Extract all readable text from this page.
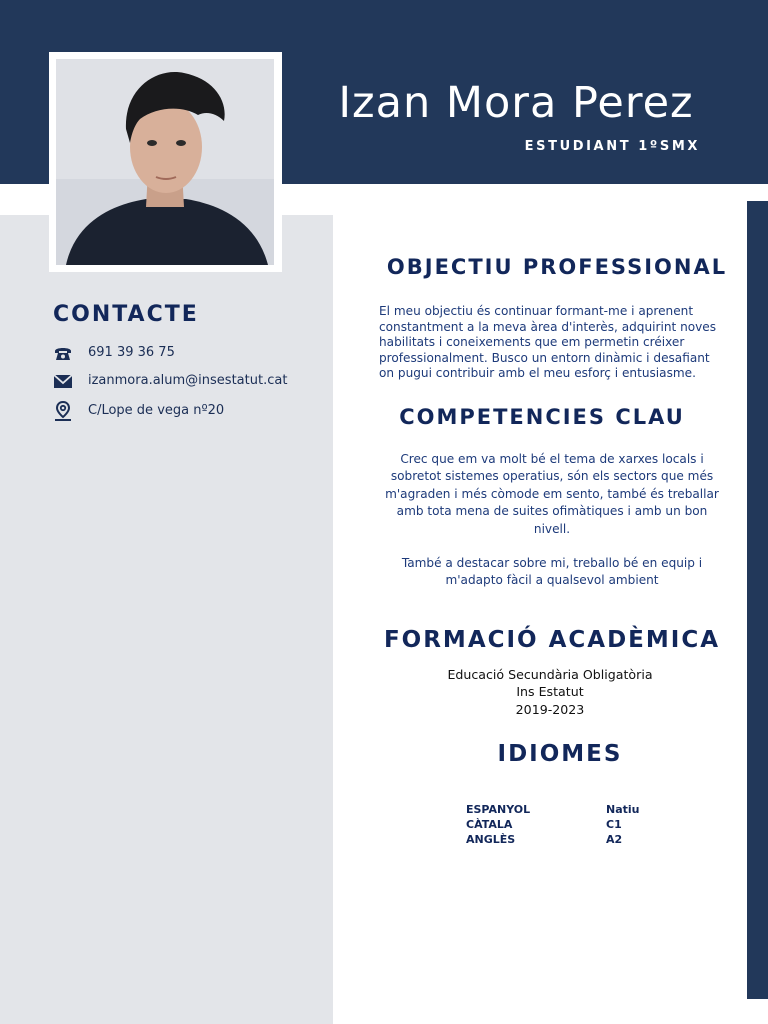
Izan Mora Perez
ESTUDIANT 1ºSMX
CONTACTE
691 39 36 75
izanmora.alum@insestatut.cat
C/Lope de vega nº20
OBJECTIU PROFESSIONAL
El meu objectiu és continuar formant-me i aprenent constantment a la meva àrea d'interès, adquirint noves habilitats i coneixements que em permetin créixer professionalment. Busco un entorn dinàmic i desafiant on pugui contribuir amb el meu esforç i entusiasme.
COMPETENCIES CLAU
Crec que em va molt bé el tema de xarxes locals i sobretot sistemes operatius, són els sectors que més m'agraden i més còmode em sento, també és treballar amb tota mena de suites ofimàtiques i amb un bon nivell.
També a destacar sobre mi, treballo bé en equip i m'adapto fàcil a qualsevol ambient
FORMACIÓ ACADÈMICA
Educació Secundària Obligatòria
Ins Estatut
2019-2023
IDIOMES
ESPANYOL	Natiu
CÀTALA	C1
ANGLÈS	A2
